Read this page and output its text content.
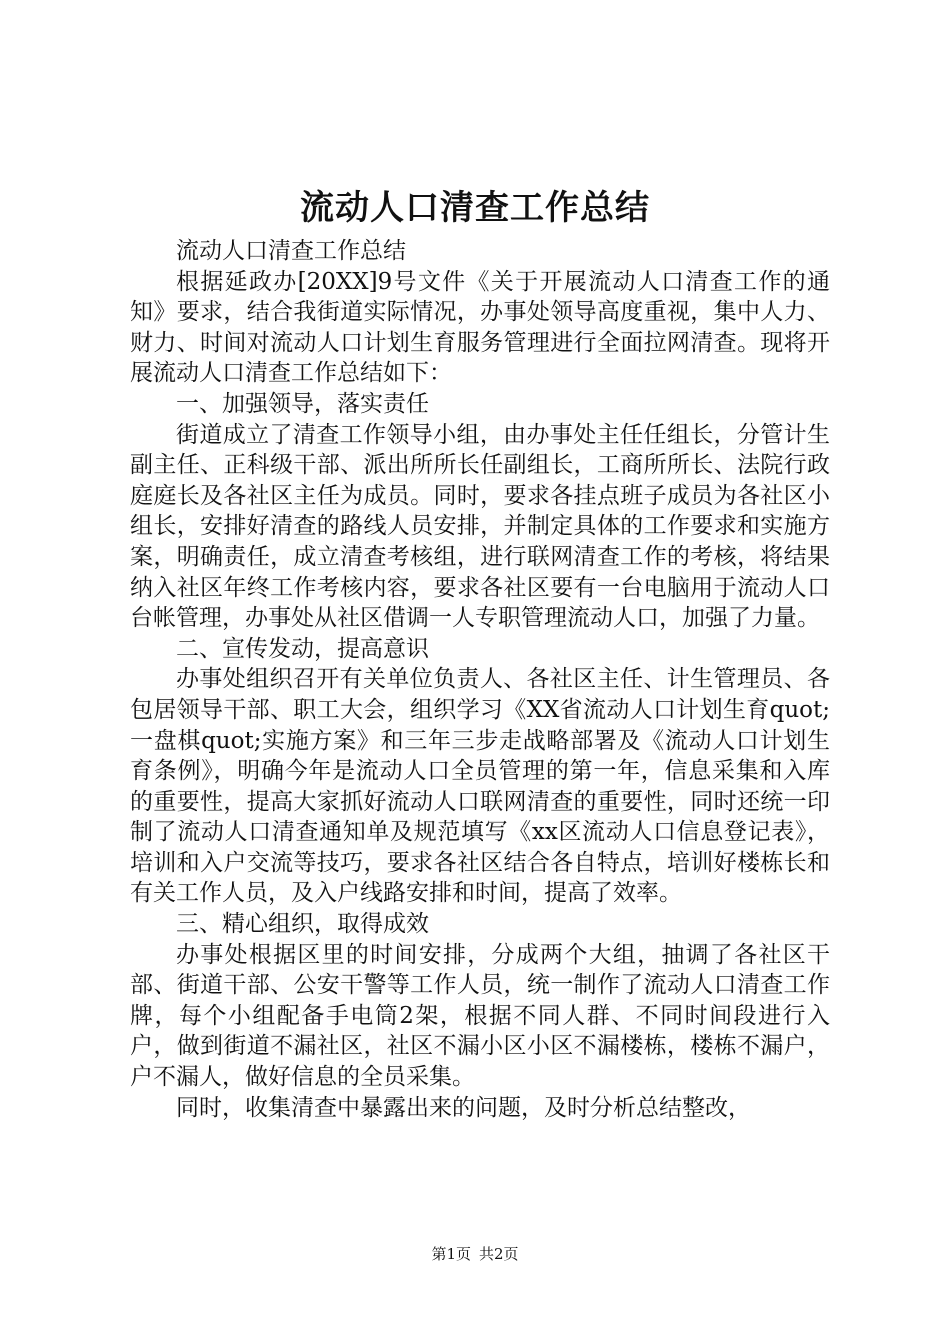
流动人口清查工作总结

流动人口清查工作总结

根据延政办[20XX]9号文件《关于开展流动人口清查工作的通知》要求，结合我街道实际情况，办事处领导高度重视，集中人力、财力、时间对流动人口计划生育服务管理进行全面拉网清查。现将开展流动人口清查工作总结如下：

一、加强领导，落实责任

街道成立了清查工作领导小组，由办事处主任任组长，分管计生副主任、正科级干部、派出所所长任副组长，工商所所长、法院行政庭庭长及各社区主任为成员。同时，要求各挂点班子成员为各社区小组长，安排好清查的路线人员安排，并制定具体的工作要求和实施方案，明确责任，成立清查考核组，进行联网清查工作的考核，将结果纳入社区年终工作考核内容，要求各社区要有一台电脑用于流动人口台帐管理，办事处从社区借调一人专职管理流动人口，加强了力量。

二、宣传发动，提高意识

办事处组织召开有关单位负责人、各社区主任、计生管理员、各包居领导干部、职工大会，组织学习《XX省流动人口计划生育quot;一盘棋quot;实施方案》和三年三步走战略部署及《流动人口计划生育条例》，明确今年是流动人口全员管理的第一年，信息采集和入库的重要性，提高大家抓好流动人口联网清查的重要性，同时还统一印制了流动人口清查通知单及规范填写《xx区流动人口信息登记表》，培训和入户交流等技巧，要求各社区结合各自特点，培训好楼栋长和有关工作人员，及入户线路安排和时间，提高了效率。

三、精心组织，取得成效

办事处根据区里的时间安排，分成两个大组，抽调了各社区干部、街道干部、公安干警等工作人员，统一制作了流动人口清查工作牌，每个小组配备手电筒2架，根据不同人群、不同时间段进行入户，做到街道不漏社区，社区不漏小区小区不漏楼栋，楼栋不漏户，户不漏人，做好信息的全员采集。

同时，收集清查中暴露出来的问题，及时分析总结整改，

第1页 共2页
